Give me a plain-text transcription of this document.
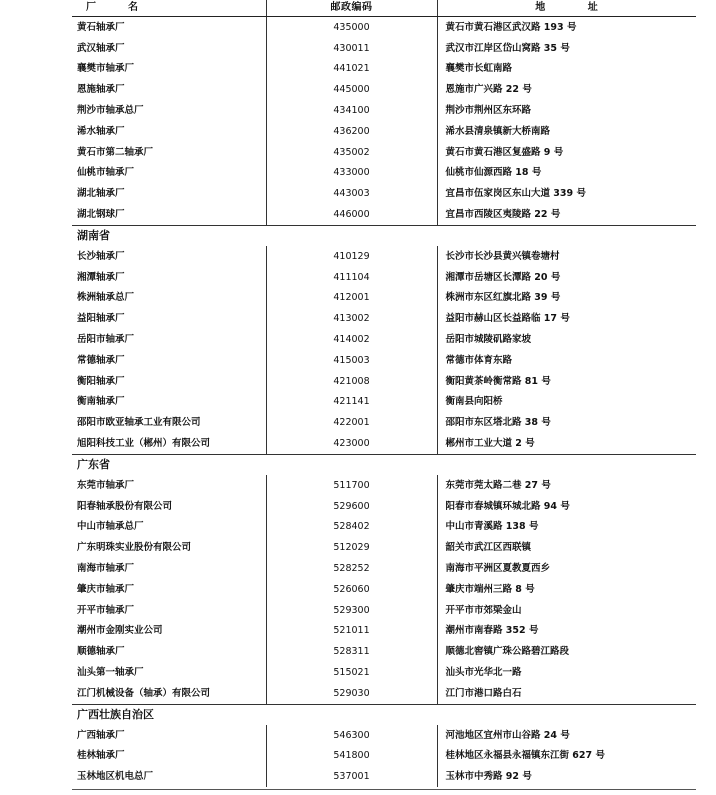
厂　　　名	邮政编码	地　　　　址
黄石轴承厂	435000	黄石市黄石港区武汉路 193 号
武汉轴承厂	430011	武汉市江岸区岱山窝路 35 号
襄樊市轴承厂	441021	襄樊市长虹南路
恩施轴承厂	445000	恩施市广兴路 22 号
荆沙市轴承总厂	434100	荆沙市荆州区东环路
浠水轴承厂	436200	浠水县清泉镇新大桥南路
黄石市第二轴承厂	435002	黄石市黄石港区复盛路 9 号
仙桃市轴承厂	433000	仙桃市仙源西路 18 号
湖北轴承厂	443003	宜昌市伍家岗区东山大道 339 号
湖北钢球厂	446000	宜昌市西陵区夷陵路 22 号
湖南省		
长沙轴承厂	410129	长沙市长沙县黄兴镇卷塘村
湘潭轴承厂	411104	湘潭市岳塘区长潭路 20 号
株洲轴承总厂	412001	株洲市东区红旗北路 39 号
益阳轴承厂	413002	益阳市赫山区长益路临 17 号
岳阳市轴承厂	414002	岳阳市城陵矶路家坡
常德轴承厂	415003	常德市体育东路
衡阳轴承厂	421008	衡阳黄茶岭衡常路 81 号
衡南轴承厂	421141	衡南县向阳桥
邵阳市欧亚轴承工业有限公司	422001	邵阳市东区塔北路 38 号
旭阳科技工业（郴州）有限公司	423000	郴州市工业大道 2 号
广东省		
东莞市轴承厂	511700	东莞市莞太路二巷 27 号
阳春轴承股份有限公司	529600	阳春市春城镇环城北路 94 号
中山市轴承总厂	528402	中山市青溪路 138 号
广东明珠实业股份有限公司	512029	韶关市武江区西联镇
南海市轴承厂	528252	南海市平洲区夏教夏西乡
肇庆市轴承厂	526060	肇庆市端州三路 8 号
开平市轴承厂	529300	开平市市郊梁金山
潮州市金刚实业公司	521011	潮州市南春路 352 号
顺德轴承厂	528311	顺德北窖镇广珠公路碧江路段
汕头第一轴承厂	515021	汕头市光华北一路
江门机械设备（轴承）有限公司	529030	江门市港口路白石
广西壮族自治区		
广西轴承厂	546300	河池地区宜州市山谷路 24 号
桂林轴承厂	541800	桂林地区永福县永福镇东江街 627 号
玉林地区机电总厂	537001	玉林市中秀路 92 号
